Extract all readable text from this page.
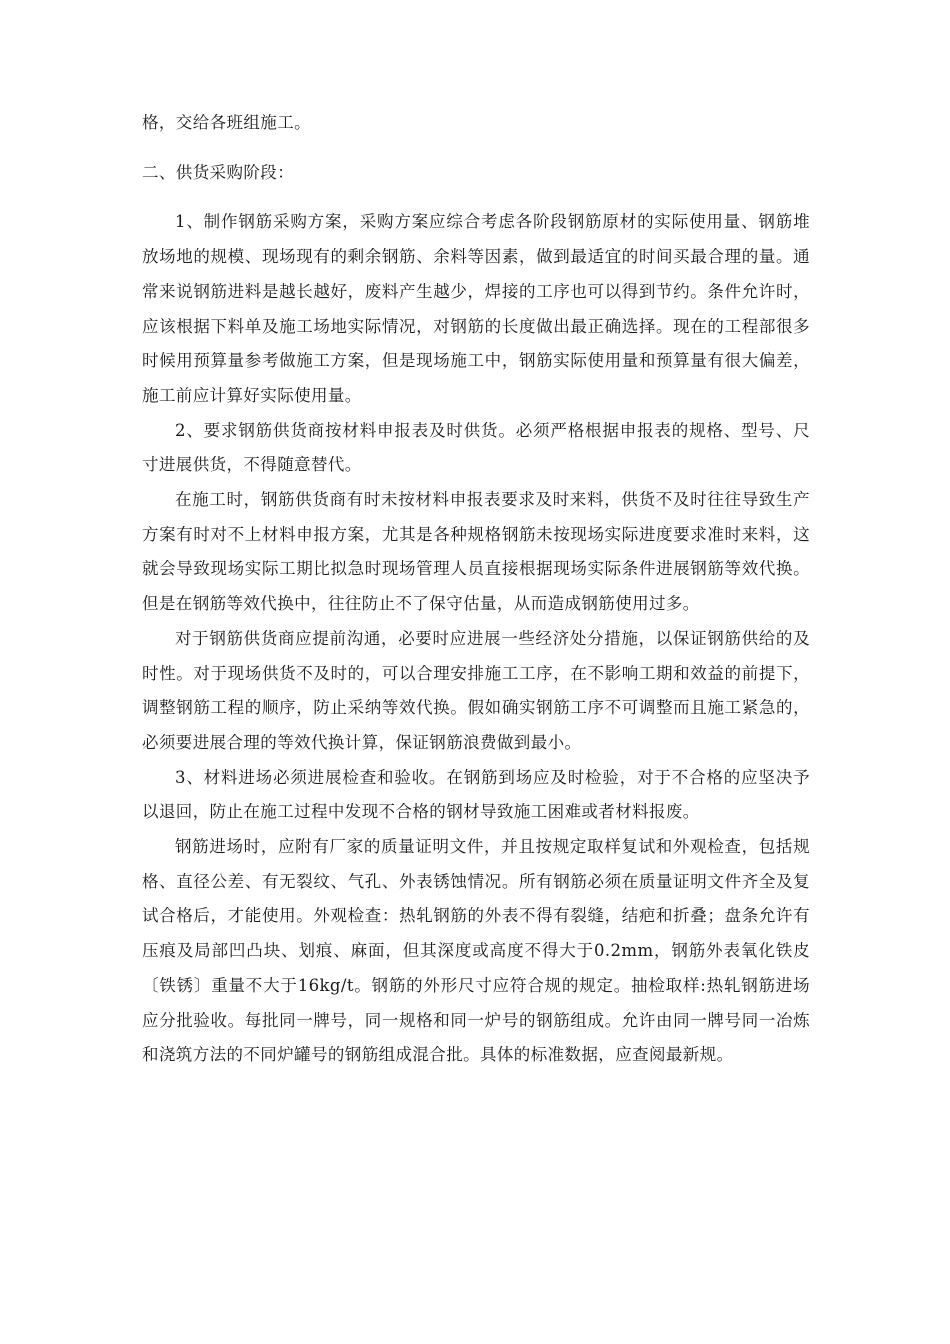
格，交给各班组施工。

二、供货采购阶段：

1、制作钢筋采购方案，采购方案应综合考虑各阶段钢筋原材的实际使用量、钢筋堆放场地的规模、现场现有的剩余钢筋、余料等因素，做到最适宜的时间买最合理的量。通常来说钢筋进料是越长越好，废料产生越少，焊接的工序也可以得到节约。条件允许时，应该根据下料单及施工场地实际情况，对钢筋的长度做出最正确选择。现在的工程部很多时候用预算量参考做施工方案，但是现场施工中，钢筋实际使用量和预算量有很大偏差，施工前应计算好实际使用量。

2、要求钢筋供货商按材料申报表及时供货。必须严格根据申报表的规格、型号、尺寸进展供货，不得随意替代。

在施工时，钢筋供货商有时未按材料申报表要求及时来料，供货不及时往往导致生产方案有时对不上材料申报方案，尤其是各种规格钢筋未按现场实际进度要求准时来料，这就会导致现场实际工期比拟急时现场管理人员直接根据现场实际条件进展钢筋等效代换。但是在钢筋等效代换中，往往防止不了保守估量，从而造成钢筋使用过多。

对于钢筋供货商应提前沟通，必要时应进展一些经济处分措施，以保证钢筋供给的及时性。对于现场供货不及时的，可以合理安排施工工序，在不影响工期和效益的前提下，调整钢筋工程的顺序，防止采纳等效代换。假如确实钢筋工序不可调整而且施工紧急的，必须要进展合理的等效代换计算，保证钢筋浪费做到最小。

3、材料进场必须进展检查和验收。在钢筋到场应及时检验，对于不合格的应坚决予以退回，防止在施工过程中发现不合格的钢材导致施工困难或者材料报废。

钢筋进场时，应附有厂家的质量证明文件，并且按规定取样复试和外观检查，包括规格、直径公差、有无裂纹、气孔、外表锈蚀情况。所有钢筋必须在质量证明文件齐全及复试合格后，才能使用。外观检查：热轧钢筋的外表不得有裂缝，结疤和折叠；盘条允许有压痕及局部凹凸块、划痕、麻面，但其深度或高度不得大于0.2mm，钢筋外表氧化铁皮〔铁锈〕重量不大于16kg/t。钢筋的外形尺寸应符合规的规定。抽检取样:热轧钢筋进场应分批验收。每批同一牌号，同一规格和同一炉号的钢筋组成。允许由同一牌号同一冶炼和浇筑方法的不同炉罐号的钢筋组成混合批。具体的标准数据，应查阅最新规。
